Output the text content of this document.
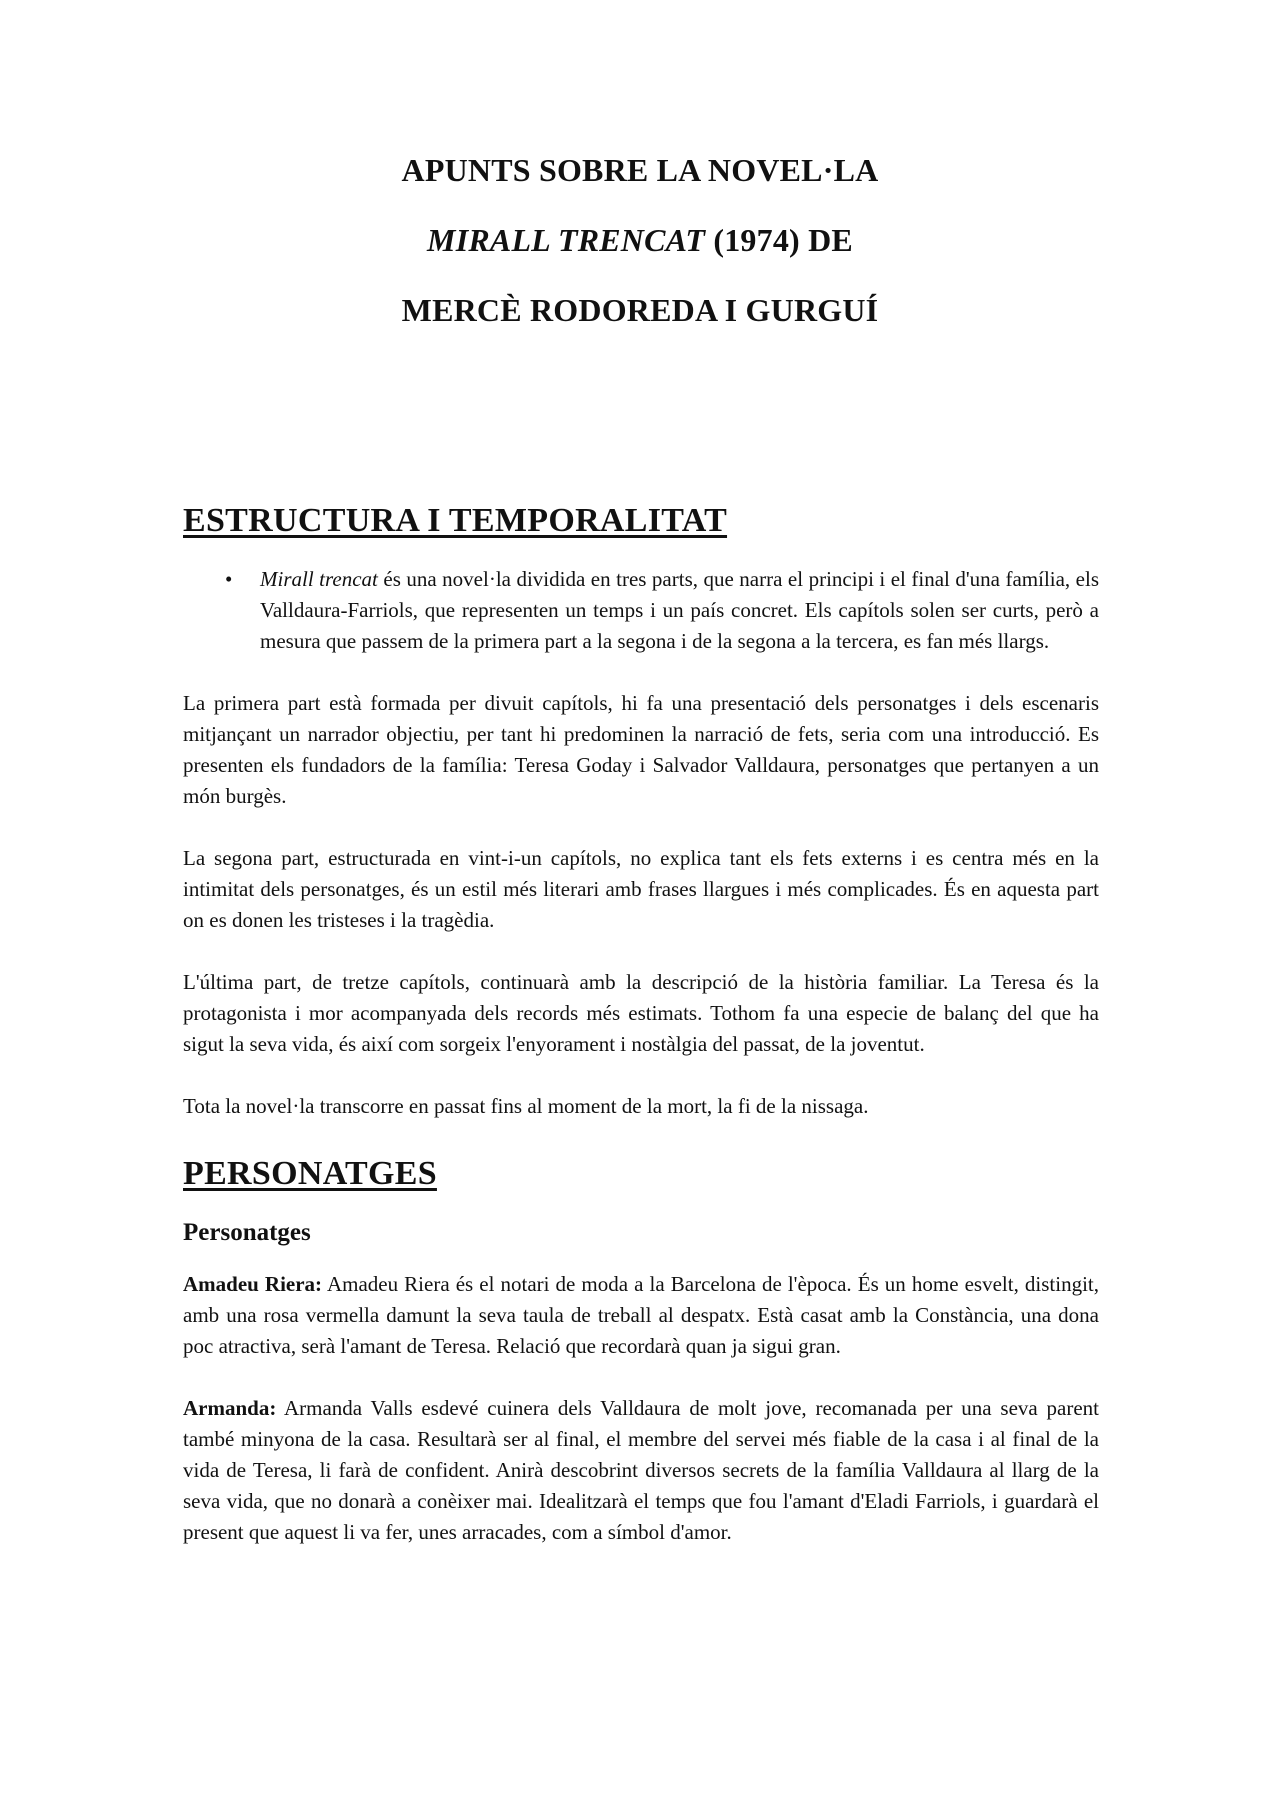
APUNTS SOBRE LA NOVEL·LA
MIRALL TRENCAT (1974) DE
MERCÈ RODOREDA I GURGUÍ
ESTRUCTURA I TEMPORALITAT
• Mirall trencat és una novel·la dividida en tres parts, que narra el principi i el final d'una família, els Valldaura-Farriols, que representen un temps i un país concret. Els capítols solen ser curts, però a mesura que passem de la primera part a la segona i de la segona a la tercera, es fan més llargs.

La primera part està formada per divuit capítols, hi fa una presentació dels personatges i dels escenaris mitjançant un narrador objectiu, per tant hi predominen la narració de fets, seria com una introducció. Es presenten els fundadors de la família: Teresa Goday i Salvador Valldaura, personatges que pertanyen a un món burgès.

La segona part, estructurada en vint-i-un capítols, no explica tant els fets externs i es centra més en la intimitat dels personatges, és un estil més literari amb frases llargues i més complicades. És en aquesta part on es donen les tristeses i la tragèdia.

L'última part, de tretze capítols, continuarà amb la descripció de la història familiar. La Teresa és la protagonista i mor acompanyada dels records més estimats. Tothom fa una especie de balanç del que ha sigut la seva vida, és així com sorgeix l'enyorament i nostàlgia del passat, de la joventut.

Tota la novel·la transcorre en passat fins al moment de la mort, la fi de la nissaga.

PERSONATGES
Personatges

Amadeu Riera: Amadeu Riera és el notari de moda a la Barcelona de l'època. És un home esvelt, distingit, amb una rosa vermella damunt la seva taula de treball al despatx. Està casat amb la Constància, una dona poc atractiva, serà l'amant de Teresa. Relació que recordarà quan ja sigui gran.

Armanda: Armanda Valls esdevé cuinera dels Valldaura de molt jove, recomanada per una seva parent també minyona de la casa. Resultarà ser al final, el membre del servei més fiable de la casa i al final de la vida de Teresa, li farà de confident. Anirà descobrint diversos secrets de la família Valldaura al llarg de la seva vida, que no donarà a conèixer mai. Idealitzarà el temps que fou l'amant d'Eladi Farriols, i guardarà el present que aquest li va fer, unes arracades, com a símbol d'amor.
